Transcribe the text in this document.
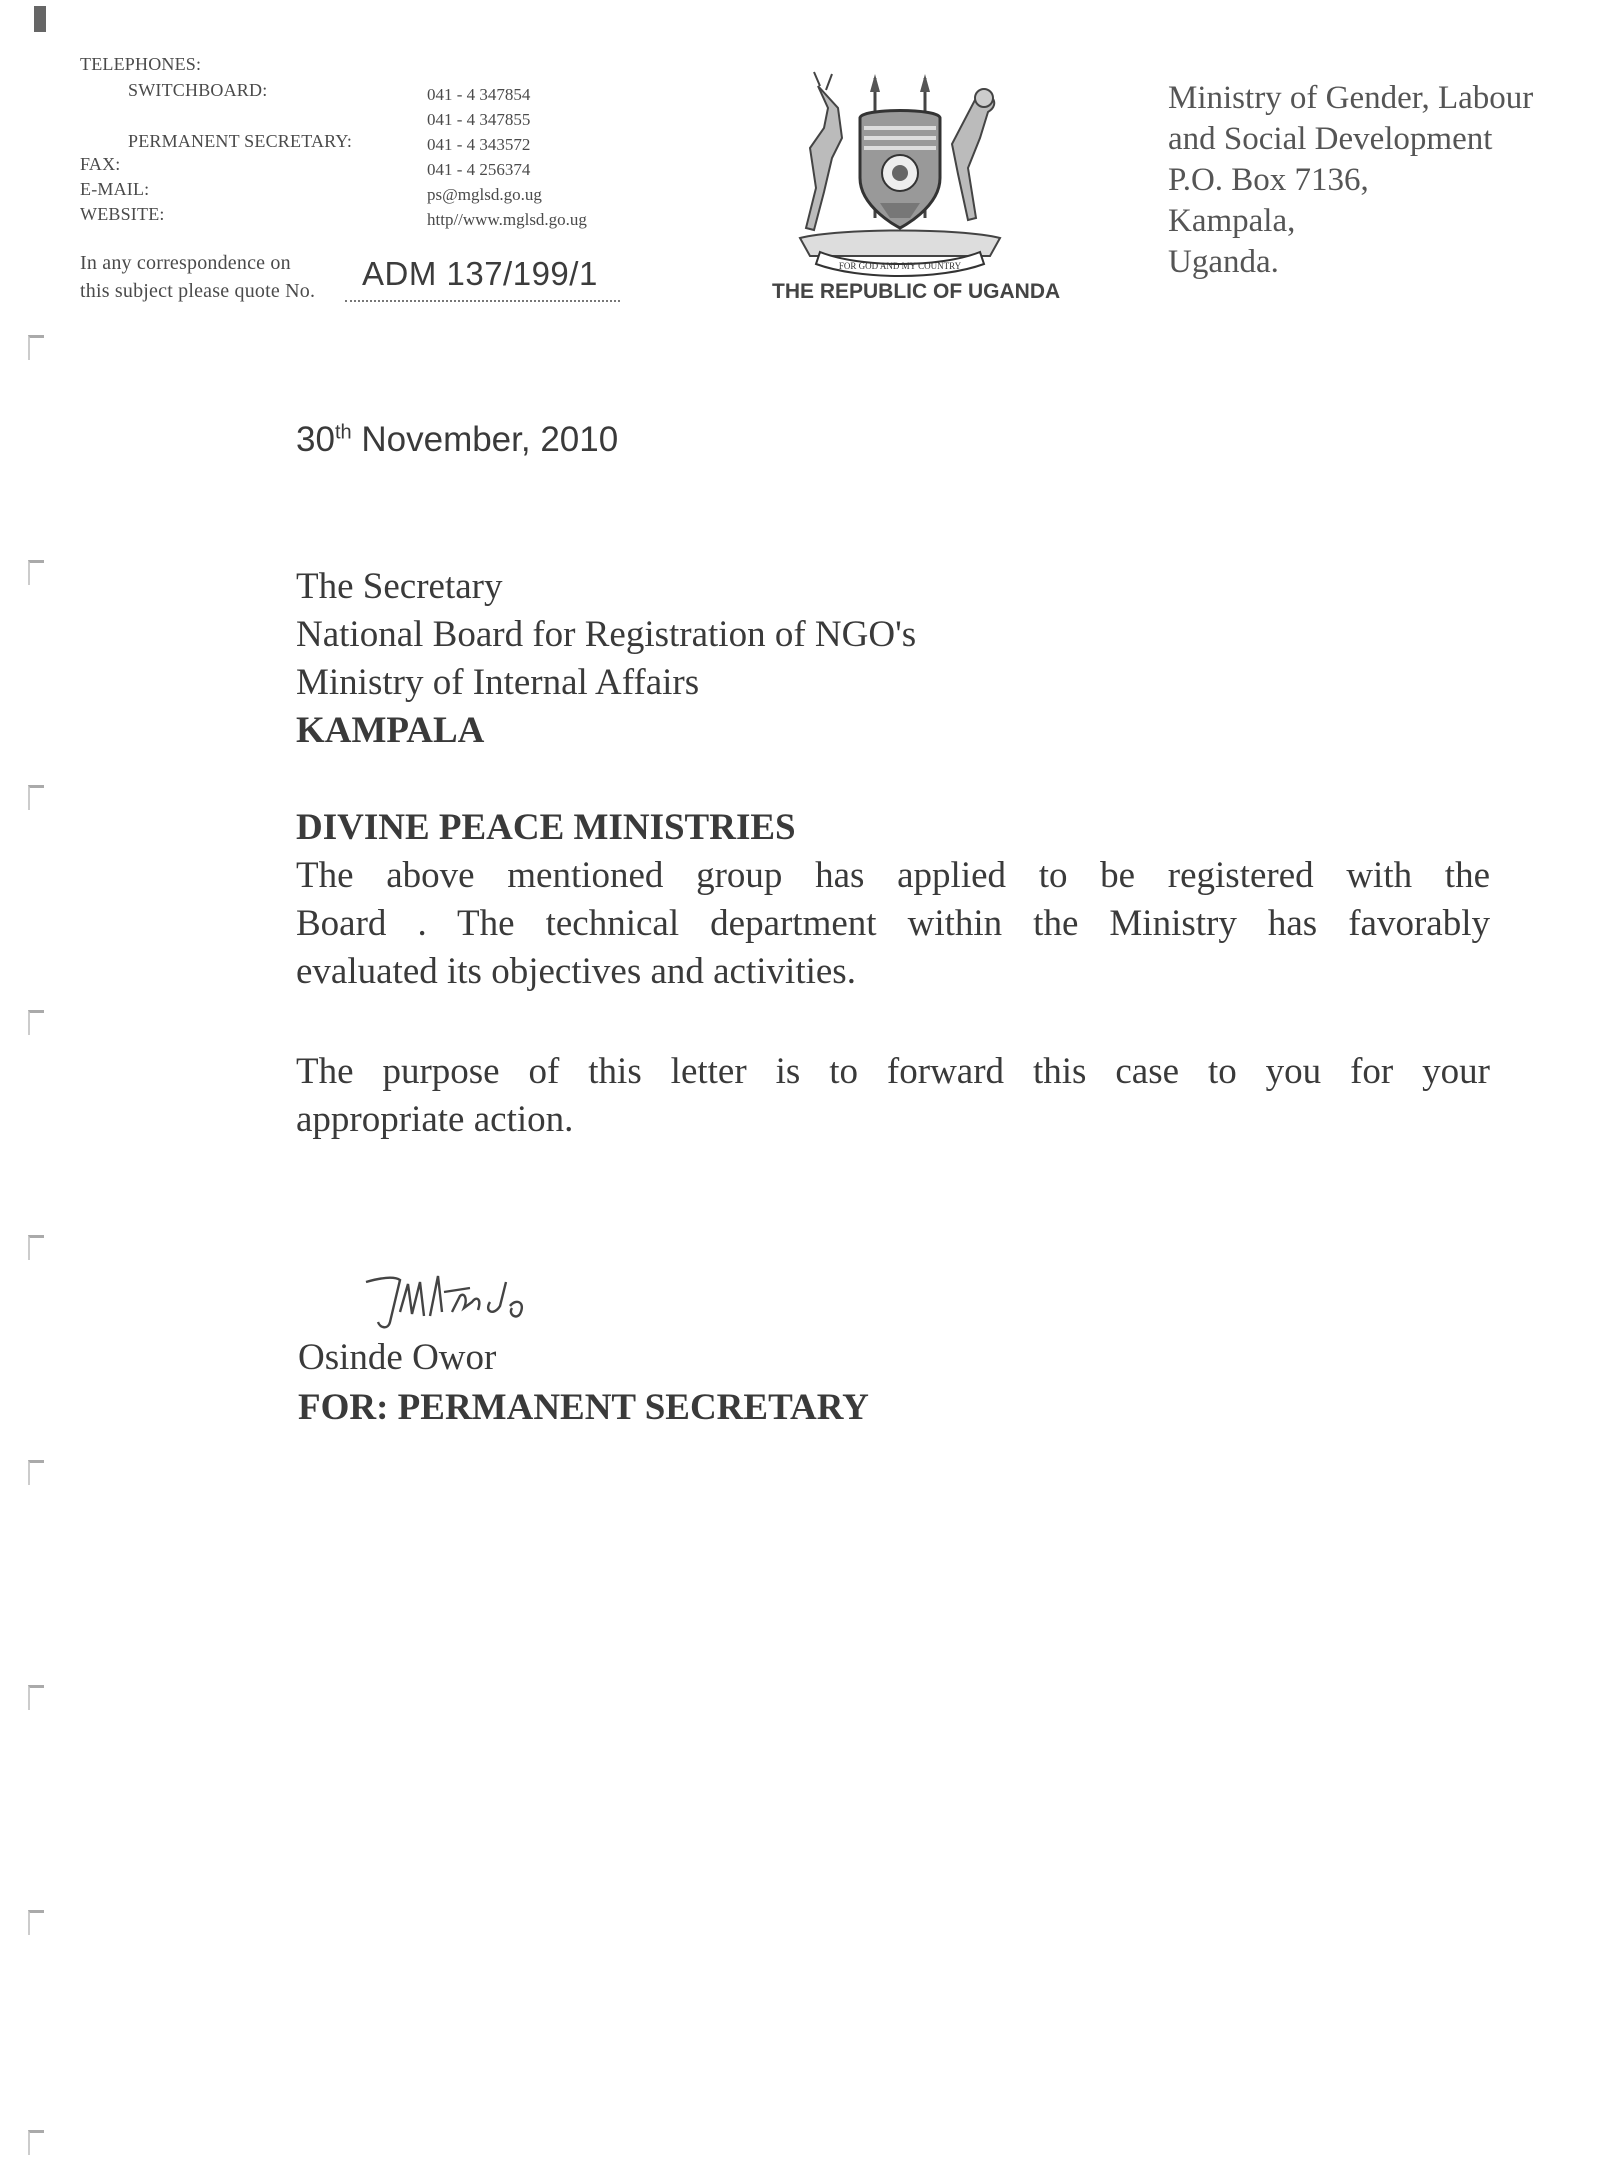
TELEPHONES:
SWITCHBOARD:	041 - 4 347854
041 - 4 347855
PERMANENT SECRETARY:	041 - 4 343572
FAX:	041 - 4 256374
E-MAIL:	ps@mglsd.go.ug
WEBSITE:	http//www.mglsd.go.ug
In any correspondence on
this subject please quote No. ADM 137/199/1	FOR GOD AND MY COUNTRY
THE REPUBLIC OF UGANDA
Ministry of Gender, Labour
and Social Development
P.O. Box 7136,
Kampala,
Uganda.
30th November, 2010
The Secretary
National Board for Registration of NGO's
Ministry of Internal Affairs
KAMPALA
DIVINE PEACE MINISTRIES
The above mentioned group has applied to be registered with the
Board . The technical department within the Ministry has favorably
evaluated its objectives and activities.
The purpose of this letter is to forward this case to you for your
appropriate action.
Osinde Owor
FOR: PERMANENT SECRETARY
